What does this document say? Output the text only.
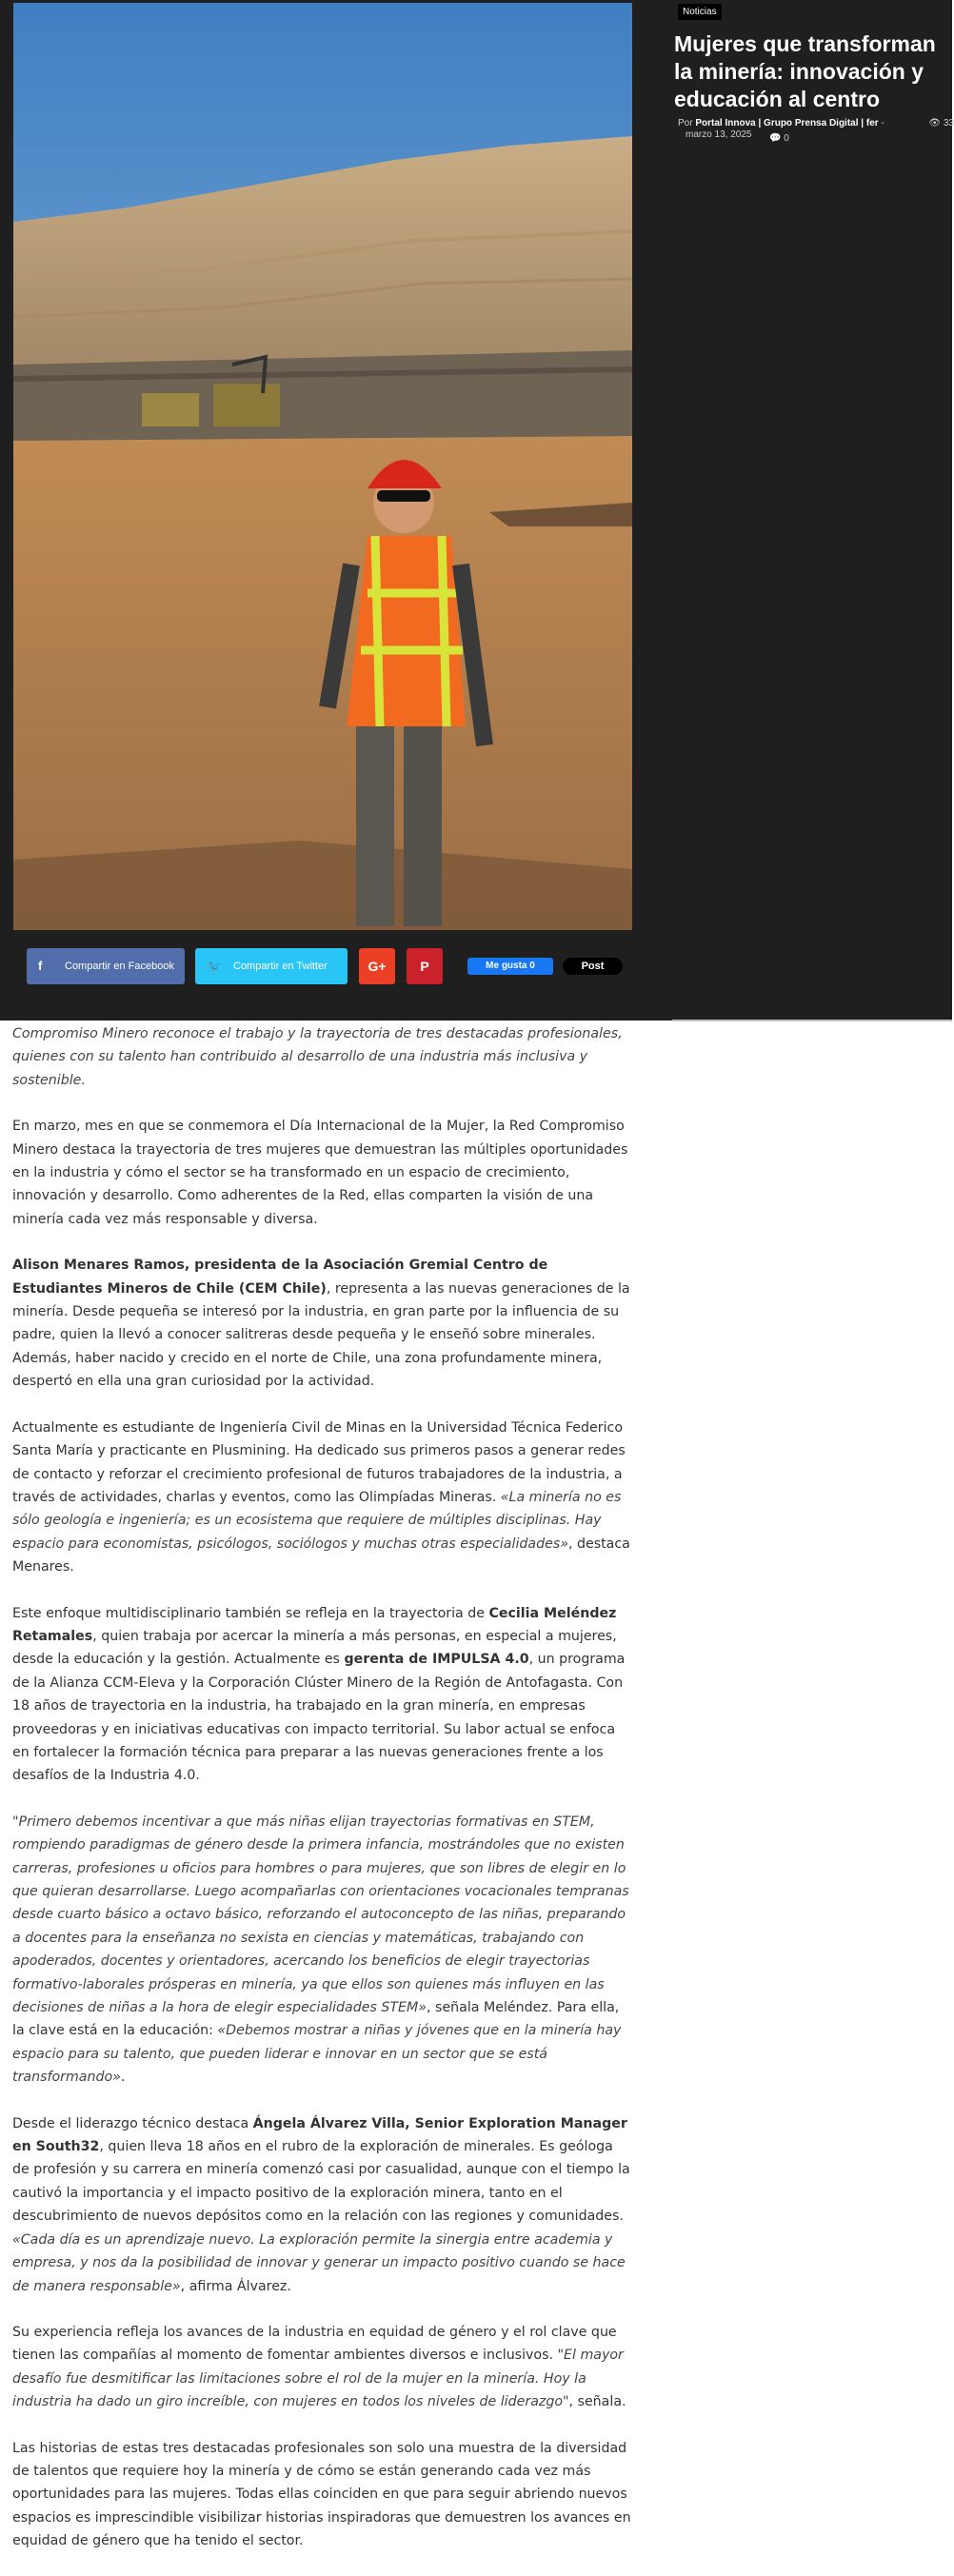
Noticias
Mujeres que transforman la minería: innovación y educación al centro
Por Portal Innova | Grupo Prensa Digital | fer -	👁 33
marzo 13, 2025	💬 0
f Compartir en Facebook	🐦 Compartir en Twitter	G+	P	Me gusta 0	Post

Compromiso Minero reconoce el trabajo y la trayectoria de tres destacadas profesionales, quienes con su talento han contribuido al desarrollo de una industria más inclusiva y sostenible.

En marzo, mes en que se conmemora el Día Internacional de la Mujer, la Red Compromiso Minero destaca la trayectoria de tres mujeres que demuestran las múltiples oportunidades en la industria y cómo el sector se ha transformado en un espacio de crecimiento, innovación y desarrollo. Como adherentes de la Red, ellas comparten la visión de una minería cada vez más responsable y diversa.

Alison Menares Ramos, presidenta de la Asociación Gremial Centro de Estudiantes Mineros de Chile (CEM Chile), representa a las nuevas generaciones de la minería. Desde pequeña se interesó por la industria, en gran parte por la influencia de su padre, quien la llevó a conocer salitreras desde pequeña y le enseñó sobre minerales. Además, haber nacido y crecido en el norte de Chile, una zona profundamente minera, despertó en ella una gran curiosidad por la actividad.

Actualmente es estudiante de Ingeniería Civil de Minas en la Universidad Técnica Federico Santa María y practicante en Plusmining. Ha dedicado sus primeros pasos a generar redes de contacto y reforzar el crecimiento profesional de futuros trabajadores de la industria, a través de actividades, charlas y eventos, como las Olimpíadas Mineras. «La minería no es sólo geología e ingeniería; es un ecosistema que requiere de múltiples disciplinas. Hay espacio para economistas, psicólogos, sociólogos y muchas otras especialidades», destaca Menares.

Este enfoque multidisciplinario también se refleja en la trayectoria de Cecilia Meléndez Retamales, quien trabaja por acercar la minería a más personas, en especial a mujeres, desde la educación y la gestión. Actualmente es gerenta de IMPULSA 4.0, un programa de la Alianza CCM-Eleva y la Corporación Clúster Minero de la Región de Antofagasta. Con 18 años de trayectoria en la industria, ha trabajado en la gran minería, en empresas proveedoras y en iniciativas educativas con impacto territorial. Su labor actual se enfoca en fortalecer la formación técnica para preparar a las nuevas generaciones frente a los desafíos de la Industria 4.0.

"Primero debemos incentivar a que más niñas elijan trayectorias formativas en STEM, rompiendo paradigmas de género desde la primera infancia, mostrándoles que no existen carreras, profesiones u oficios para hombres o para mujeres, que son libres de elegir en lo que quieran desarrollarse. Luego acompañarlas con orientaciones vocacionales tempranas desde cuarto básico a octavo básico, reforzando el autoconcepto de las niñas, preparando a docentes para la enseñanza no sexista en ciencias y matemáticas, trabajando con apoderados, docentes y orientadores, acercando los beneficios de elegir trayectorias formativo-laborales prósperas en minería, ya que ellos son quienes más influyen en las decisiones de niñas a la hora de elegir especialidades STEM», señala Meléndez. Para ella, la clave está en la educación: «Debemos mostrar a niñas y jóvenes que en la minería hay espacio para su talento, que pueden liderar e innovar en un sector que se está transformando».

Desde el liderazgo técnico destaca Ángela Álvarez Villa, Senior Exploration Manager en South32, quien lleva 18 años en el rubro de la exploración de minerales. Es geóloga de profesión y su carrera en minería comenzó casi por casualidad, aunque con el tiempo la cautivó la importancia y el impacto positivo de la exploración minera, tanto en el descubrimiento de nuevos depósitos como en la relación con las regiones y comunidades. «Cada día es un aprendizaje nuevo. La exploración permite la sinergia entre academia y empresa, y nos da la posibilidad de innovar y generar un impacto positivo cuando se hace de manera responsable», afirma Álvarez.

Su experiencia refleja los avances de la industria en equidad de género y el rol clave que tienen las compañías al momento de fomentar ambientes diversos e inclusivos. "El mayor desafío fue desmitificar las limitaciones sobre el rol de la mujer en la minería. Hoy la industria ha dado un giro increíble, con mujeres en todos los niveles de liderazgo", señala.

Las historias de estas tres destacadas profesionales son solo una muestra de la diversidad de talentos que requiere hoy la minería y de cómo se están generando cada vez más oportunidades para las mujeres. Todas ellas coinciden en que para seguir abriendo nuevos espacios es imprescindible visibilizar historias inspiradoras que demuestren los avances en equidad de género que ha tenido el sector.
